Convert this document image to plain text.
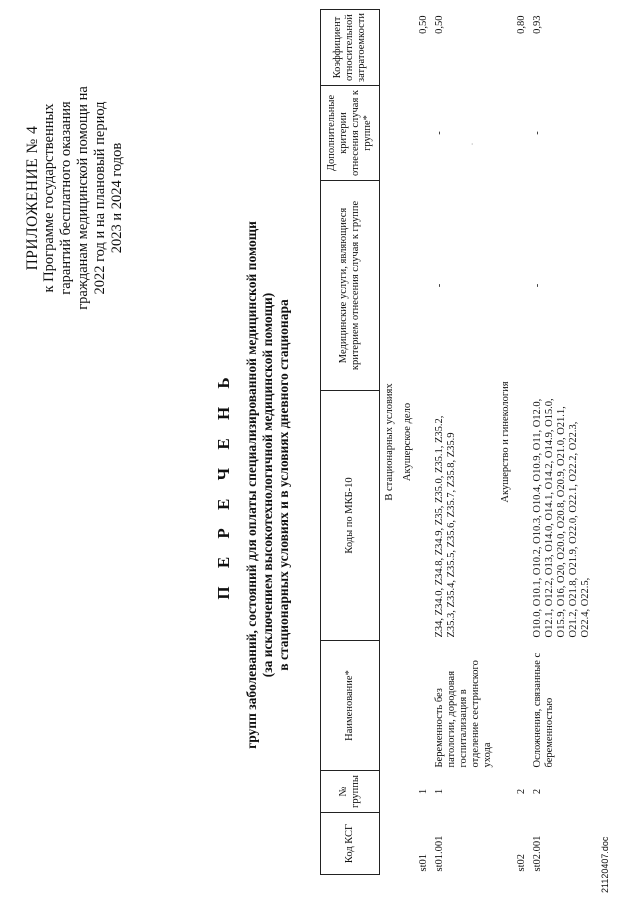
ПРИЛОЖЕНИЕ № 4 к Программе государственных гарантий бесплатного оказания гражданам медицинской помощи на 2022 год и на плановый период 2023 и 2024 годов
П Е Р Е Ч Е Н Ь групп заболеваний, состояний для оплаты специализированной медицинской помощи (за исключением высокотехнологичной медицинской помощи) в стационарных условиях и в условиях дневного стационара
Код КСГ	№ группы	Наименование*	Коды по МКБ-10	Медицинские услуги, являющиеся критерием отнесения случая к группе	Дополнительные критерии отнесения случая к группе*	Коэффициент относительной затратоемкости
В стационарных условиях						
Акушерское дело						
st01	1					0,50
st01.001	1	Беременность без патологии, дородовая госпитализация в отделение сестринского ухода	Z34, Z34.0, Z34.8, Z34.9, Z35, Z35.0, Z35.1, Z35.2, Z35.3, Z35.4, Z35.5, Z35.6, Z35.7, Z35.8, Z35.9	-	-	0,50
Акушерство и гинекология						
st02	2					0,80
st02.001	2	Осложнения, связанные с беременностью	O10.0, O10.1, O10.2, O10.3, O10.4, O10.9, O11, O12.0, O12.1, O12.2, O13, O14.0, O14.1, O14.2, O14.9, O15.0, O15.9, O16, O20, O20.0, O20.8, O20.9, O21.0, O21.1, O21.2, O21.8, O21.9, O22.0, O22.1, O22.2, O22.3, O22.4, O22.5,	-	-	0,93
21120407.doc
·
